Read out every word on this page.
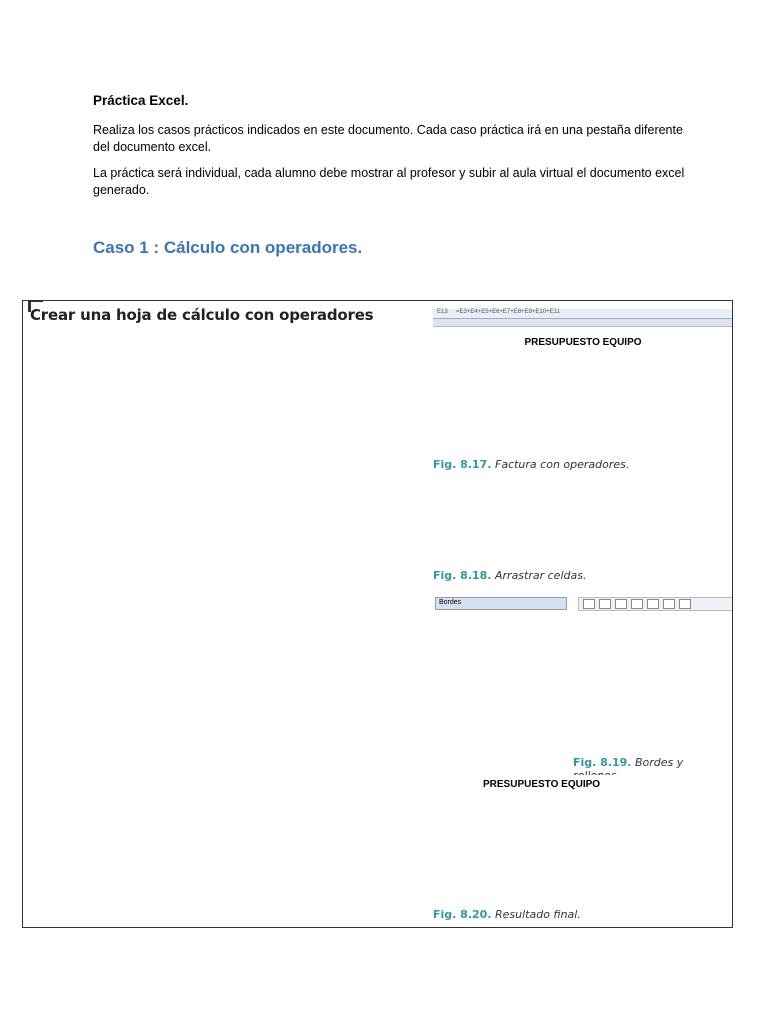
Práctica Excel.
Realiza los casos prácticos indicados en este documento. Cada caso práctica irá en una pestaña diferente del documento excel.
La práctica será individual, cada alumno debe mostrar al profesor y subir al aula virtual el documento excel generado.
Caso 1 : Cálculo con operadores.
Crear una hoja de cálculo con operadores	E13 =E3+E4+E5+E6+E7+E8+E9+E10+E11
PRESUPUESTO EQUIPO
Fig. 8.17. Factura con operadores.
Fig. 8.18. Arrastrar celdas.
Bordes
Fig. 8.19. Bordes y
PRESUPUESTO EQUIPO
Fig. 8.20. Resultado final.
